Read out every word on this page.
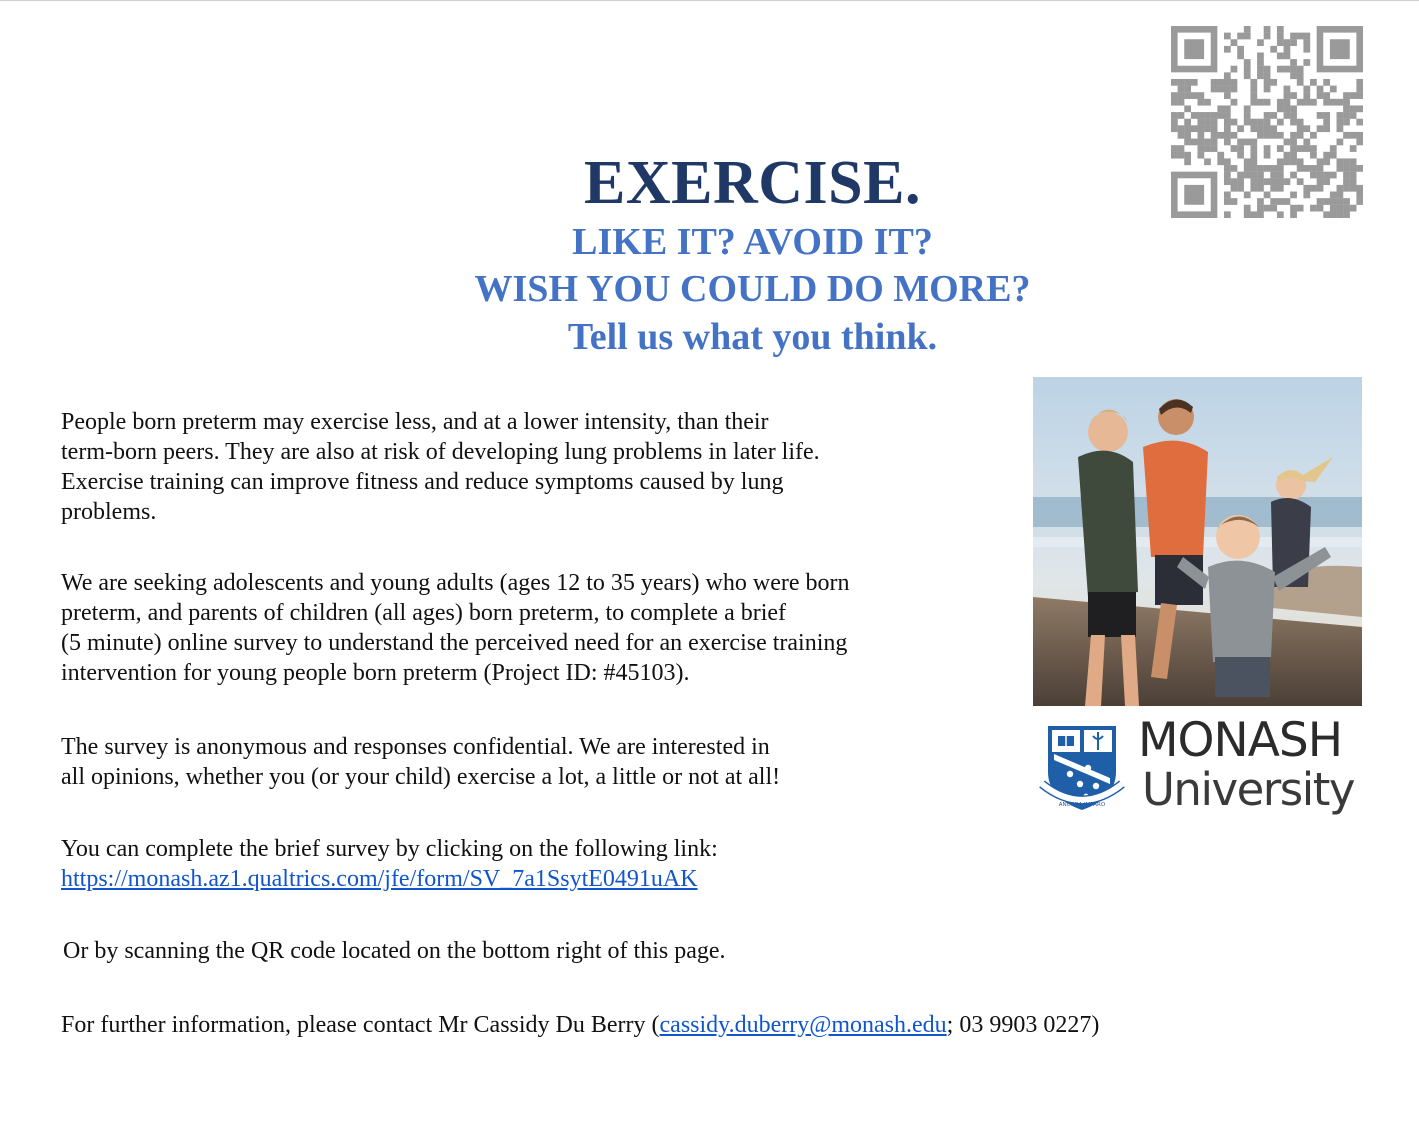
EXERCISE.
LIKE IT? AVOID IT?
WISH YOU COULD DO MORE?
Tell us what you think.
ANCORA IMPARO
MONASH
University

People born preterm may exercise less, and at a lower intensity, than their
term-born peers. They are also at risk of developing lung problems in later life.
Exercise training can improve fitness and reduce symptoms caused by lung
problems.

We are seeking adolescents and young adults (ages 12 to 35 years) who were born
preterm, and parents of children (all ages) born preterm, to complete a brief
(5 minute) online survey to understand the perceived need for an exercise training
intervention for young people born preterm (Project ID: #45103).

The survey is anonymous and responses confidential. We are interested in
all opinions, whether you (or your child) exercise a lot, a little or not at all!

You can complete the brief survey by clicking on the following link:
https://monash.az1.qualtrics.com/jfe/form/SV_7a1SsytE0491uAK

Or by scanning the QR code located on the bottom right of this page.

For further information, please contact Mr Cassidy Du Berry (cassidy.duberry@monash.edu; 03 9903 0227)
